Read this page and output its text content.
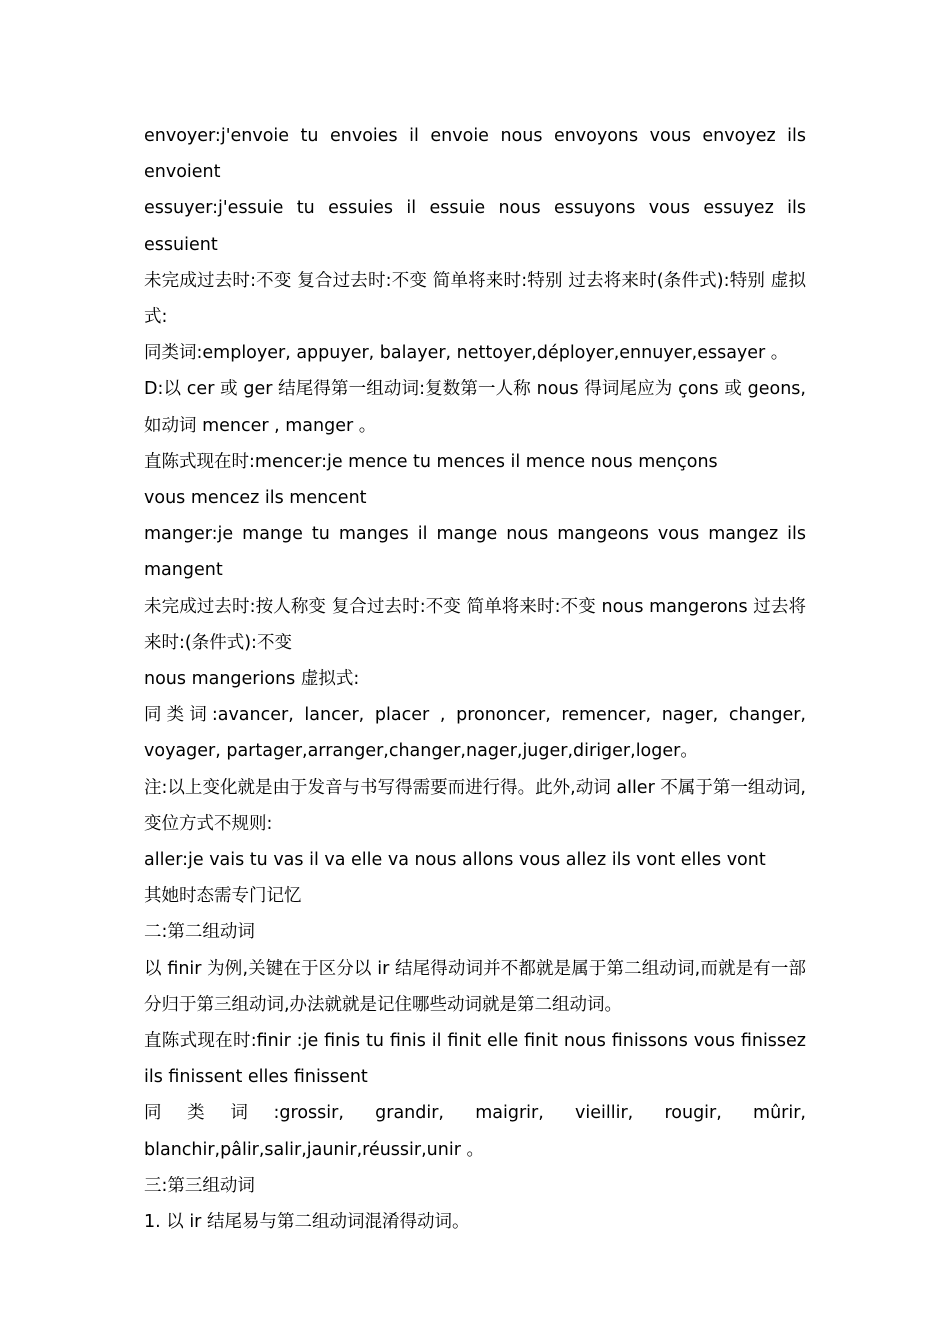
envoyer:j'envoie tu envoies il envoie nous envoyons vous envoyez ils envoient

essuyer:j'essuie tu essuies il essuie nous essuyons vous essuyez ils essuient

未完成过去时:不变 复合过去时:不变 简单将来时:特别 过去将来时(条件式):特别 虚拟式:

同类词:employer, appuyer, balayer, nettoyer,déployer,ennuyer,essayer 。

D:以 cer 或 ger 结尾得第一组动词:复数第一人称 nous 得词尾应为 çons 或 geons,如动词 mencer , manger 。

直陈式现在时:mencer:je mence tu mences il mence nous mençons

vous mencez ils mencent

manger:je mange tu manges il mange nous mangeons vous mangez ils mangent

未完成过去时:按人称变 复合过去时:不变 简单将来时:不变 nous mangerons 过去将来时:(条件式):不变

nous mangerions 虚拟式:

同类词:avancer, lancer, placer , prononcer, remencer, nager, changer, voyager, partager,arranger,changer,nager,juger,diriger,loger。

注:以上变化就是由于发音与书写得需要而进行得。此外,动词 aller 不属于第一组动词,变位方式不规则:

aller:je vais tu vas il va elle va nous allons vous allez ils vont elles vont

其她时态需专门记忆

二:第二组动词

以 finir 为例,关键在于区分以 ir 结尾得动词并不都就是属于第二组动词,而就是有一部分归于第三组动词,办法就就是记住哪些动词就是第二组动词。

直陈式现在时:finir :je finis tu finis il finit elle finit nous finissons vous finissez ils finissent elles finissent

同类词:grossir, grandir, maigrir, vieillir, rougir, mûrir, blanchir,pâlir,salir,jaunir,réussir,unir 。

三:第三组动词

1. 以 ir 结尾易与第二组动词混淆得动词。
